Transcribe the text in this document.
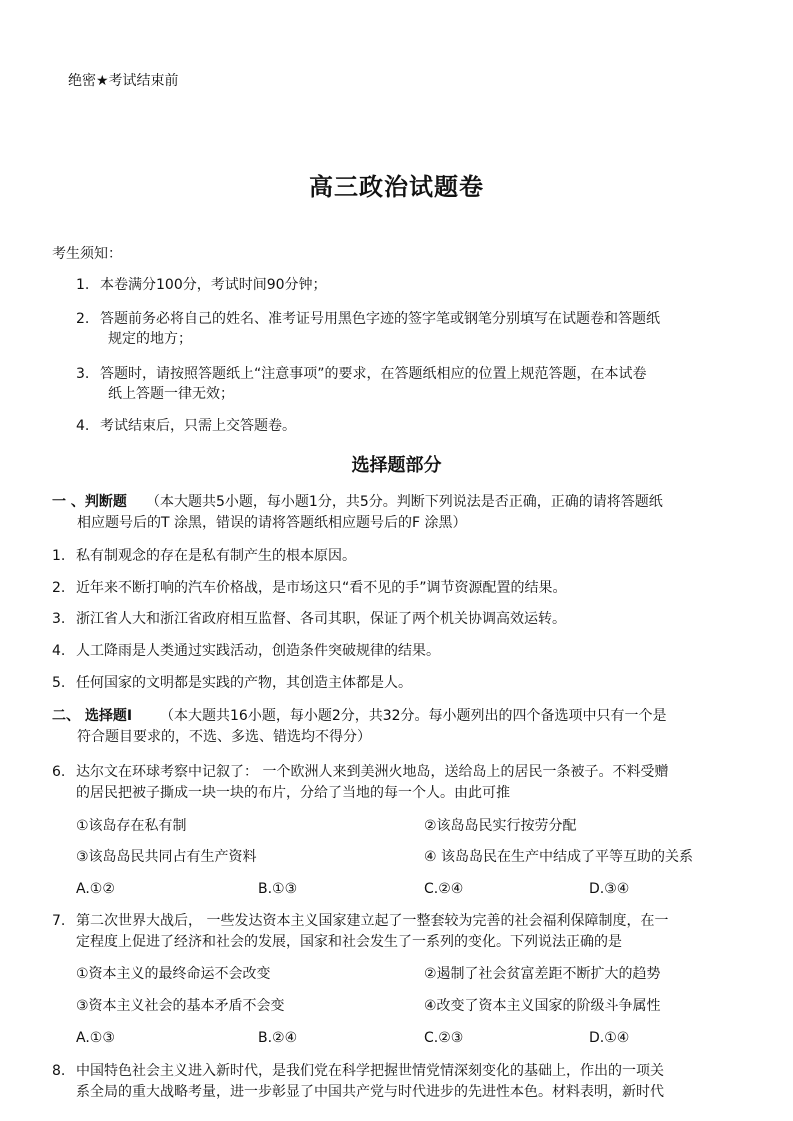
绝密★考试结束前
高三政治试题卷
考生须知：
1. 本卷满分100分，考试时间90分钟；
2. 答题前务必将自己的姓名、准考证号用黑色字迹的签字笔或钢笔分别填写在试题卷和答题纸
规定的地方；
3. 答题时，请按照答题纸上“注意事项”的要求，在答题纸相应的位置上规范答题，在本试卷
纸上答题一律无效；
4. 考试结束后，只需上交答题卷。
选择题部分
一 、判断题 （本大题共5小题，每小题1分，共5分。判断下列说法是否正确，正确的请将答题纸
相应题号后的T 涂黑，错误的请将答题纸相应题号后的F 涂黑）
1. 私有制观念的存在是私有制产生的根本原因。
2. 近年来不断打响的汽车价格战，是市场这只“看不见的手”调节资源配置的结果。
3. 浙江省人大和浙江省政府相互监督、各司其职，保证了两个机关协调高效运转。
4. 人工降雨是人类通过实践活动，创造条件突破规律的结果。
5. 任何国家的文明都是实践的产物，其创造主体都是人。
二、 选择题Ⅰ （本大题共16小题，每小题2分，共32分。每小题列出的四个备选项中只有一个是
符合题目要求的，不选、多选、错选均不得分）
6. 达尔文在环球考察中记叙了： 一个欧洲人来到美洲火地岛，送给岛上的居民一条被子。不料受赠
的居民把被子撕成一块一块的布片，分给了当地的每一个人。由此可推
①该岛存在私有制	②该岛岛民实行按劳分配
③该岛岛民共同占有生产资料	④ 该岛岛民在生产中结成了平等互助的关系
A.①②	B.①③	C.②④	D.③④
7. 第二次世界大战后， 一些发达资本主义国家建立起了一整套较为完善的社会福利保障制度，在一
定程度上促进了经济和社会的发展，国家和社会发生了一系列的变化。下列说法正确的是
①资本主义的最终命运不会改变	②遏制了社会贫富差距不断扩大的趋势
③资本主义社会的基本矛盾不会变	④改变了资本主义国家的阶级斗争属性
A.①③	B.②④	C.②③	D.①④
8. 中国特色社会主义进入新时代，是我们党在科学把握世情党情深刻变化的基础上，作出的一项关
系全局的重大战略考量，进一步彰显了中国共产党与时代进步的先进性本色。材料表明，新时代
